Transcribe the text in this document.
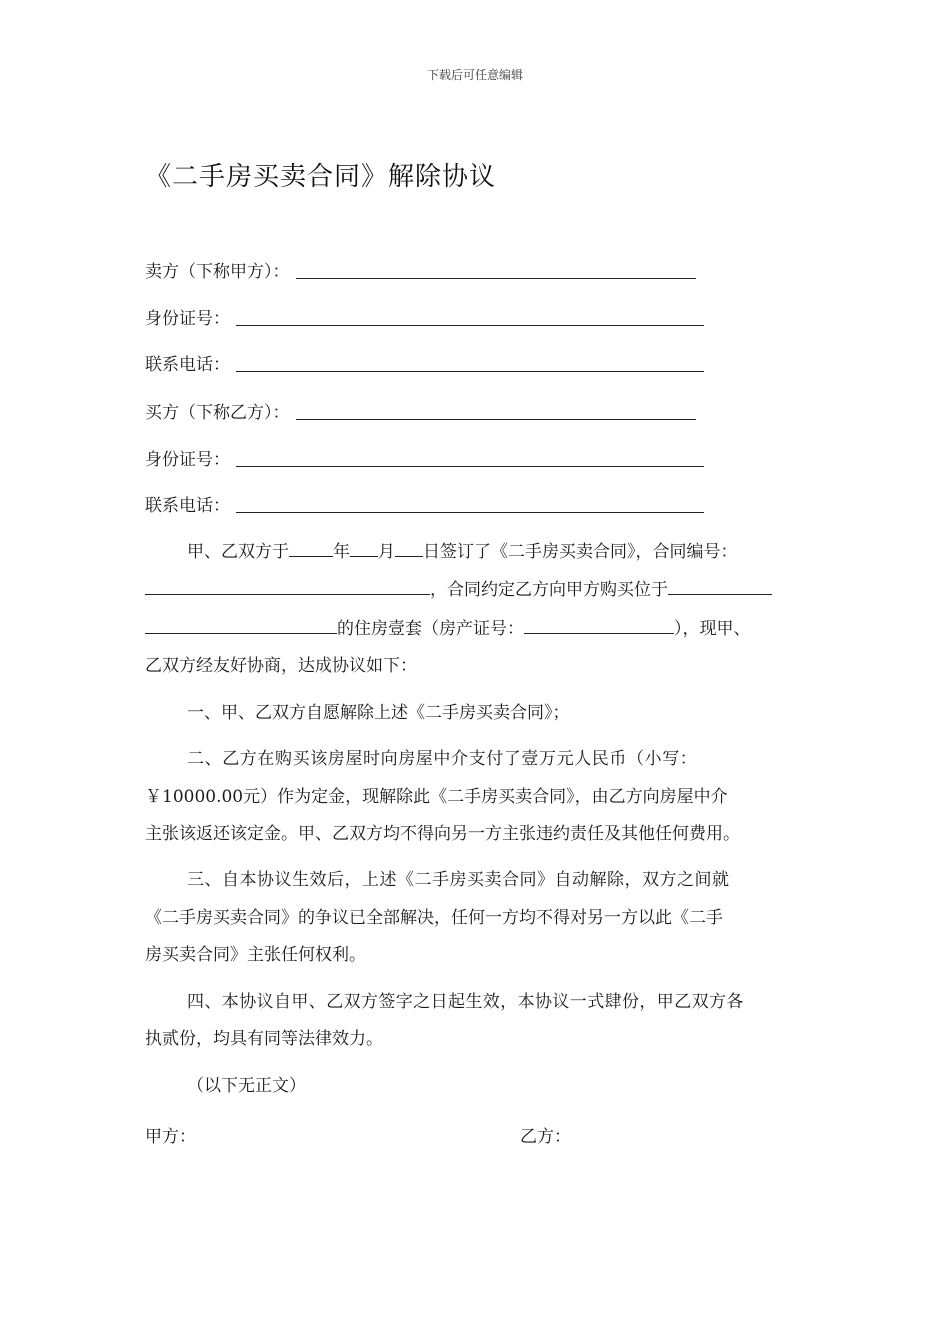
下载后可任意编辑
《二手房买卖合同》解除协议
卖方（下称甲方）：
身份证号：
联系电话：
买方（下称乙方）：
身份证号：
联系电话：
甲、乙双方于	年 月 日签订了《二手房买卖合同》，合同编号：
，合同约定乙方向甲方购买位于
的住房壹套（房产证号：	），现甲、
乙双方经友好协商，达成协议如下：
一、甲、乙双方自愿解除上述《二手房买卖合同》；
二、乙方在购买该房屋时向房屋中介支付了壹万元人民币（小写：
￥10000.00元）作为定金，现解除此《二手房买卖合同》，由乙方向房屋中介
主张该返还该定金。甲、乙双方均不得向另一方主张违约责任及其他任何费用。
三、自本协议生效后，上述《二手房买卖合同》自动解除，双方之间就
《二手房买卖合同》的争议已全部解决，任何一方均不得对另一方以此《二手
房买卖合同》主张任何权利。
四、本协议自甲、乙双方签字之日起生效，本协议一式肆份，甲乙双方各
执贰份，均具有同等法律效力。
（以下无正文）
甲方：	乙方：
